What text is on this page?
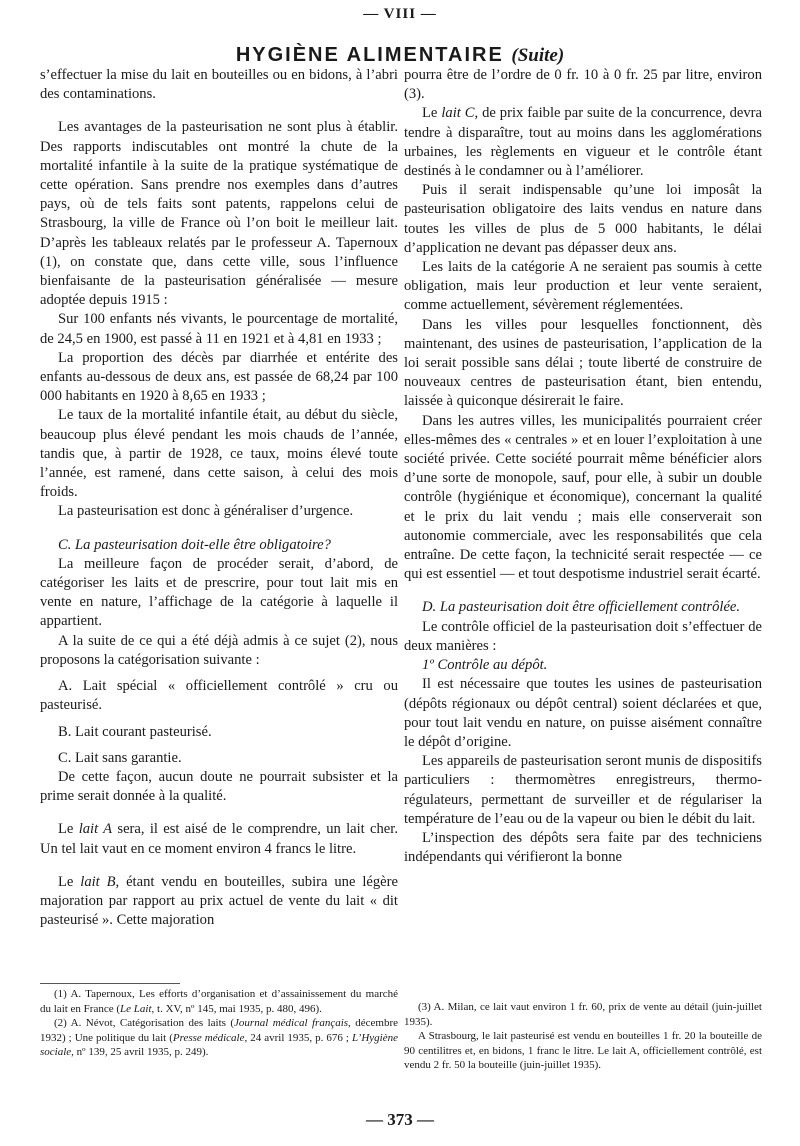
— VIII —
HYGIÈNE ALIMENTAIRE (Suite)

s’effectuer la mise du lait en bouteilles ou en bidons, à l’abri des contaminations.

Les avantages de la pasteurisation ne sont plus à établir. Des rapports indiscutables ont montré la chute de la mortalité infantile à la suite de la pratique systématique de cette opération. Sans prendre nos exemples dans d’autres pays, où de tels faits sont patents, rappelons celui de Strasbourg, la ville de France où l’on boit le meilleur lait. D’après les tableaux relatés par le professeur A. Tapernoux (1), on constate que, dans cette ville, sous l’influence bienfaisante de la pasteurisation généralisée — mesure adoptée depuis 1915 :

Sur 100 enfants nés vivants, le pourcentage de mortalité, de 24,5 en 1900, est passé à 11 en 1921 et à 4,81 en 1933 ;

La proportion des décès par diarrhée et entérite des enfants au-dessous de deux ans, est passée de 68,24 par 100 000 habitants en 1920 à 8,65 en 1933 ;

Le taux de la mortalité infantile était, au début du siècle, beaucoup plus élevé pendant les mois chauds de l’année, tandis que, à partir de 1928, ce taux, moins élevé toute l’année, est ramené, dans cette saison, à celui des mois froids.

La pasteurisation est donc à généraliser d’urgence.

C. La pasteurisation doit-elle être obligatoire?

La meilleure façon de procéder serait, d’abord, de catégoriser les laits et de prescrire, pour tout lait mis en vente en nature, l’affichage de la catégorie à laquelle il appartient.

A la suite de ce qui a été déjà admis à ce sujet (2), nous proposons la catégorisation suivante :

A. Lait spécial « officiellement contrôlé » cru ou pasteurisé.

B. Lait courant pasteurisé.

C. Lait sans garantie.

De cette façon, aucun doute ne pourrait subsister et la prime serait donnée à la qualité.

Le lait A sera, il est aisé de le comprendre, un lait cher. Un tel lait vaut en ce moment environ 4 francs le litre.

Le lait B, étant vendu en bouteilles, subira une légère majoration par rapport au prix actuel de vente du lait « dit pasteurisé ». Cette majoration

(1) A. Tapernoux, Les efforts d’organisation et d’assainissement du marché du lait en France (Le Lait, t. XV, nº 145, mai 1935, p. 480, 496).

(2) A. Névot, Catégorisation des laits (Journal médical français, décembre 1932) ; Une politique du lait (Presse médicale, 24 avril 1935, p. 676 ; L’Hygiène sociale, nº 139, 25 avril 1935, p. 249).

pourra être de l’ordre de 0 fr. 10 à 0 fr. 25 par litre, environ (3).

Le lait C, de prix faible par suite de la concurrence, devra tendre à disparaître, tout au moins dans les agglomérations urbaines, les règlements en vigueur et le contrôle étant destinés à le condamner ou à l’améliorer.

Puis il serait indispensable qu’une loi imposât la pasteurisation obligatoire des laits vendus en nature dans toutes les villes de plus de 5 000 habitants, le délai d’application ne devant pas dépasser deux ans.

Les laits de la catégorie A ne seraient pas soumis à cette obligation, mais leur production et leur vente seraient, comme actuellement, sévèrement réglementées.

Dans les villes pour lesquelles fonctionnent, dès maintenant, des usines de pasteurisation, l’application de la loi serait possible sans délai ; toute liberté de construire de nouveaux centres de pasteurisation étant, bien entendu, laissée à quiconque désirerait le faire.

Dans les autres villes, les municipalités pourraient créer elles-mêmes des « centrales » et en louer l’exploitation à une société privée. Cette société pourrait même bénéficier alors d’une sorte de monopole, sauf, pour elle, à subir un double contrôle (hygiénique et économique), concernant la qualité et le prix du lait vendu ; mais elle conserverait son autonomie commerciale, avec les responsabilités que cela entraîne. De cette façon, la technicité serait respectée — ce qui est essentiel — et tout despotisme industriel serait écarté.

D. La pasteurisation doit être officiellement contrôlée.

Le contrôle officiel de la pasteurisation doit s’effectuer de deux manières :

1º Contrôle au dépôt.

Il est nécessaire que toutes les usines de pasteurisation (dépôts régionaux ou dépôt central) soient déclarées et que, pour tout lait vendu en nature, on puisse aisément connaître le dépôt d’origine.

Les appareils de pasteurisation seront munis de dispositifs particuliers : thermomètres enregistreurs, thermo-régulateurs, permettant de surveiller et de régulariser la température de l’eau ou de la vapeur ou bien le débit du lait.

L’inspection des dépôts sera faite par des techniciens indépendants qui vérifieront la bonne

(3) A. Milan, ce lait vaut environ 1 fr. 60, prix de vente au détail (juin-juillet 1935).

A Strasbourg, le lait pasteurisé est vendu en bouteilles 1 fr. 20 la bouteille de 90 centilitres et, en bidons, 1 franc le litre. Le lait A, officiellement contrôlé, est vendu 2 fr. 50 la bouteille (juin-juillet 1935).

— 373 —
